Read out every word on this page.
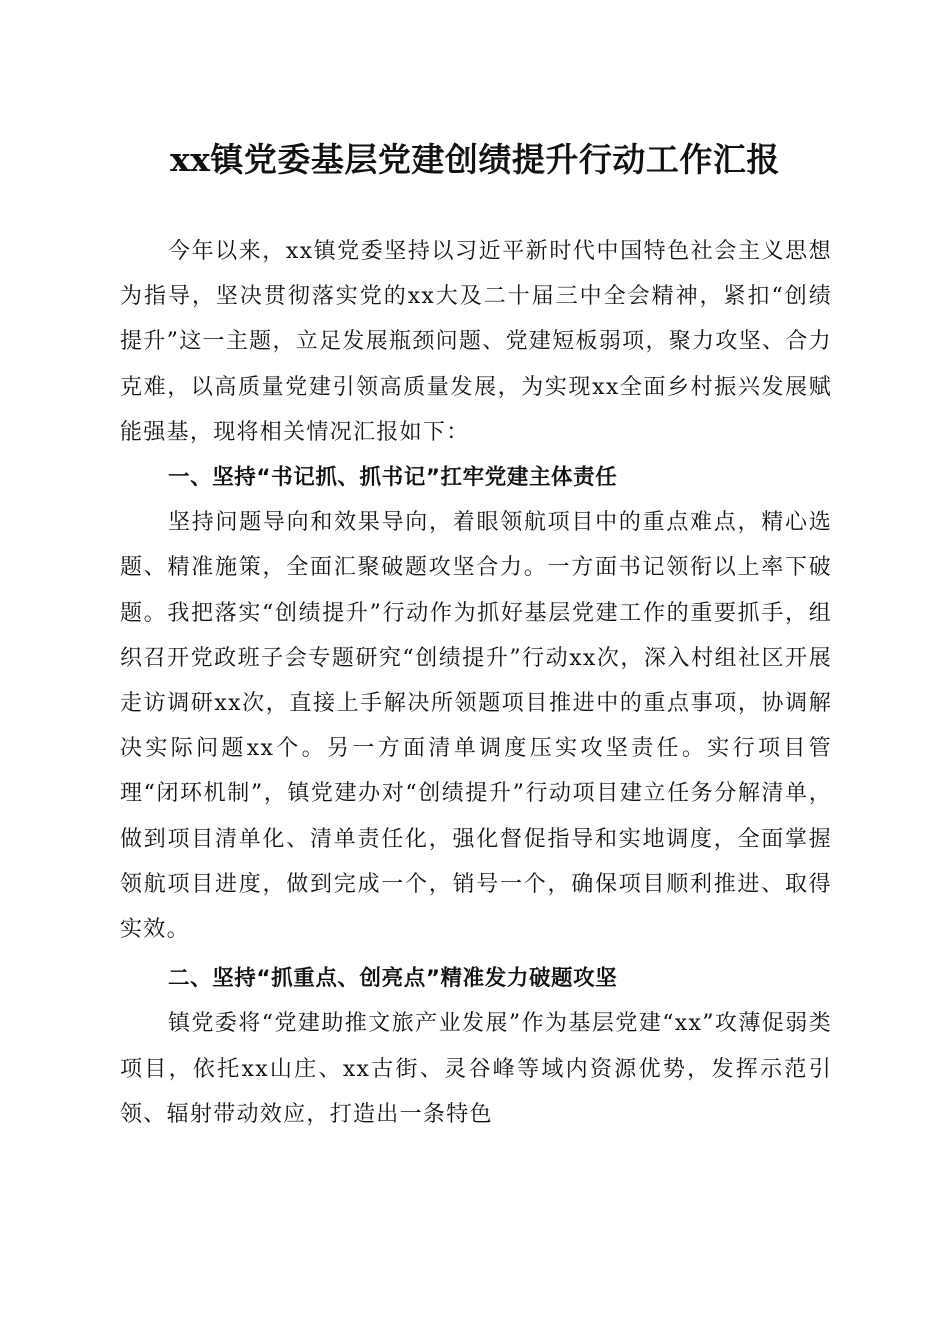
xx镇党委基层党建创绩提升行动工作汇报

今年以来，xx镇党委坚持以习近平新时代中国特色社会主义思想为指导，坚决贯彻落实党的xx大及二十届三中全会精神，紧扣“创绩提升”这一主题，立足发展瓶颈问题、党建短板弱项，聚力攻坚、合力克难，以高质量党建引领高质量发展，为实现xx全面乡村振兴发展赋能强基，现将相关情况汇报如下：

一、坚持“书记抓、抓书记”扛牢党建主体责任

坚持问题导向和效果导向，着眼领航项目中的重点难点，精心选题、精准施策，全面汇聚破题攻坚合力。一方面书记领衔以上率下破题。我把落实“创绩提升”行动作为抓好基层党建工作的重要抓手，组织召开党政班子会专题研究“创绩提升”行动xx次，深入村组社区开展走访调研xx次，直接上手解决所领题项目推进中的重点事项，协调解决实际问题xx个。另一方面清单调度压实攻坚责任。实行项目管理“闭环机制”，镇党建办对“创绩提升”行动项目建立任务分解清单，做到项目清单化、清单责任化，强化督促指导和实地调度，全面掌握领航项目进度，做到完成一个，销号一个，确保项目顺利推进、取得实效。

二、坚持“抓重点、创亮点”精准发力破题攻坚

镇党委将“党建助推文旅产业发展”作为基层党建“xx”攻薄促弱类项目，依托xx山庄、xx古街、灵谷峰等域内资源优势，发挥示范引领、辐射带动效应，打造出一条特色
